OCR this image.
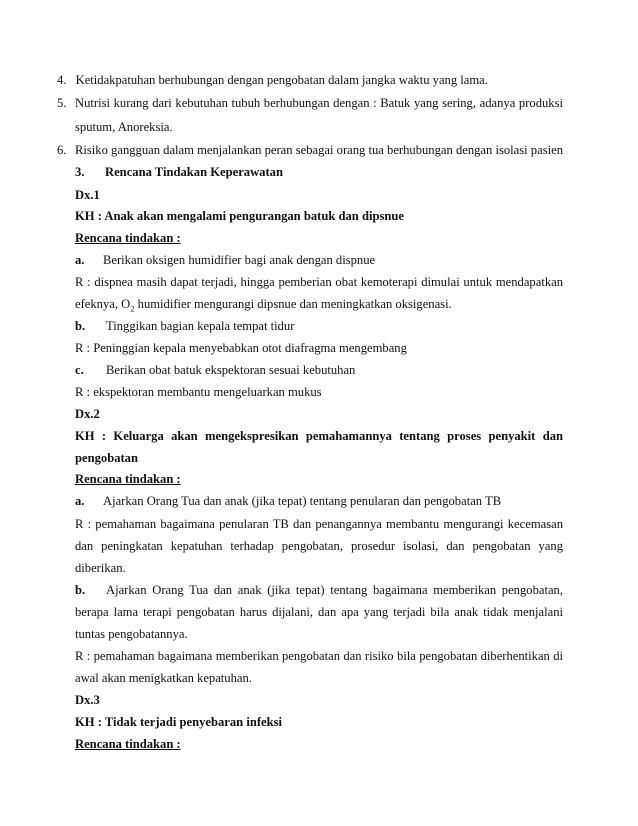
4. Ketidakpatuhan berhubungan dengan pengobatan dalam jangka waktu yang lama.
5. Nutrisi kurang dari kebutuhan tubuh berhubungan dengan : Batuk yang sering, adanya produksi
sputum, Anoreksia.
6. Risiko gangguan dalam menjalankan peran sebagai orang tua berhubungan dengan isolasi pasien
3. Rencana Tindakan Keperawatan
Dx.1
KH : Anak akan mengalami pengurangan batuk dan dipsnue
Rencana tindakan :
a. Berikan oksigen humidifier bagi anak dengan dispnue
R : dispnea masih dapat terjadi, hingga pemberian obat kemoterapi dimulai untuk mendapatkan
efeknya, $O_2$ humidifier mengurangi dipsnue dan meningkatkan oksigenasi.
b. Tinggikan bagian kepala tempat tidur
R : Peninggian kepala menyebabkan otot diafragma mengembang
c. Berikan obat batuk ekspektoran sesuai kebutuhan
R : ekspektoran membantu mengeluarkan mukus
Dx.2
KH : Keluarga akan mengekspresikan pemahamannya tentang proses penyakit dan
pengobatan
Rencana tindakan :
a. Ajarkan Orang Tua dan anak (jika tepat) tentang penularan dan pengobatan TB
R : pemahaman bagaimana penularan TB dan penangannya membantu mengurangi kecemasan
dan peningkatan kepatuhan terhadap pengobatan, prosedur isolasi, dan pengobatan yang
diberikan.
b. Ajarkan Orang Tua dan anak (jika tepat) tentang bagaimana memberikan pengobatan,
berapa lama terapi pengobatan harus dijalani, dan apa yang terjadi bila anak tidak menjalani
tuntas pengobatannya.
R : pemahaman bagaimana memberikan pengobatan dan risiko bila pengobatan diberhentikan di
awal akan menigkatkan kepatuhan.
Dx.3
KH : Tidak terjadi penyebaran infeksi
Rencana tindakan :
